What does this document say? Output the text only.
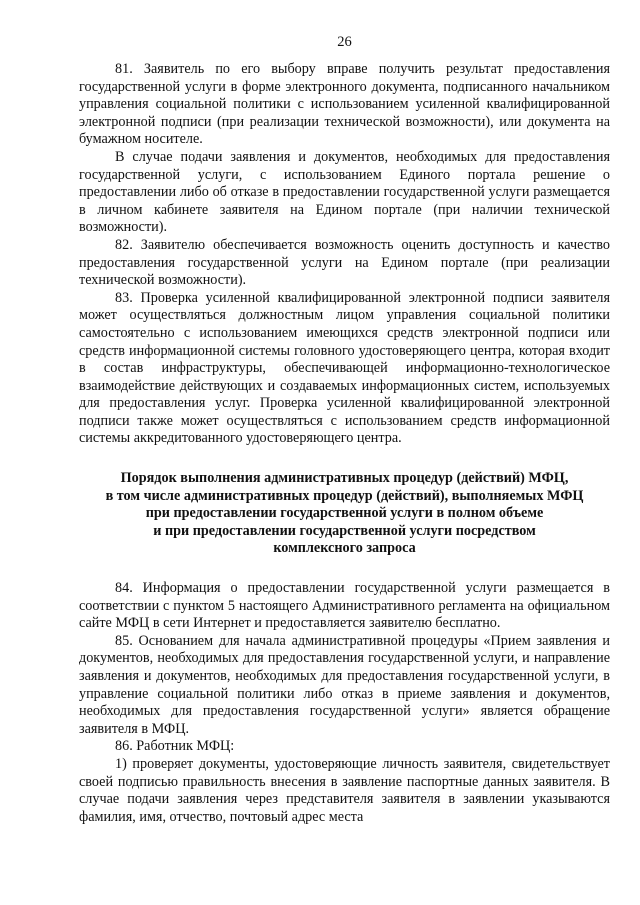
26

81. Заявитель по его выбору вправе получить результат предоставления государственной услуги в форме электронного документа, подписанного начальником управления социальной политики с использованием усиленной квалифицированной электронной подписи (при реализации технической возможности), или документа на бумажном носителе.

В случае подачи заявления и документов, необходимых для предоставления государственной услуги, с использованием Единого портала решение о предоставлении либо об отказе в предоставлении государственной услуги размещается в личном кабинете заявителя на Едином портале (при наличии технической возможности).

82. Заявителю обеспечивается возможность оценить доступность и качество предоставления государственной услуги на Едином портале (при реализации технической возможности).

83. Проверка усиленной квалифицированной электронной подписи заявителя может осуществляться должностным лицом управления социальной политики самостоятельно с использованием имеющихся средств электронной подписи или средств информационной системы головного удостоверяющего центра, которая входит в состав инфраструктуры, обеспечивающей информационно-технологическое взаимодействие действующих и создаваемых информационных систем, используемых для предоставления услуг. Проверка усиленной квалифицированной электронной подписи также может осуществляться с использованием средств информационной системы аккредитованного удостоверяющего центра.

Порядок выполнения административных процедур (действий) МФЦ,
в том числе административных процедур (действий), выполняемых МФЦ
при предоставлении государственной услуги в полном объеме
и при предоставлении государственной услуги посредством
комплексного запроса

84. Информация о предоставлении государственной услуги размещается в соответствии с пунктом 5 настоящего Административного регламента на официальном сайте МФЦ в сети Интернет и предоставляется заявителю бесплатно.

85. Основанием для начала административной процедуры «Прием заявления и документов, необходимых для предоставления государственной услуги, и направление заявления и документов, необходимых для предоставления государственной услуги, в управление социальной политики либо отказ в приеме заявления и документов, необходимых для предоставления государственной услуги» является обращение заявителя в МФЦ.

86. Работник МФЦ:

1) проверяет документы, удостоверяющие личность заявителя, свидетельствует своей подписью правильность внесения в заявление паспортные данных заявителя. В случае подачи заявления через представителя заявителя в заявлении указываются фамилия, имя, отчество, почтовый адрес места
